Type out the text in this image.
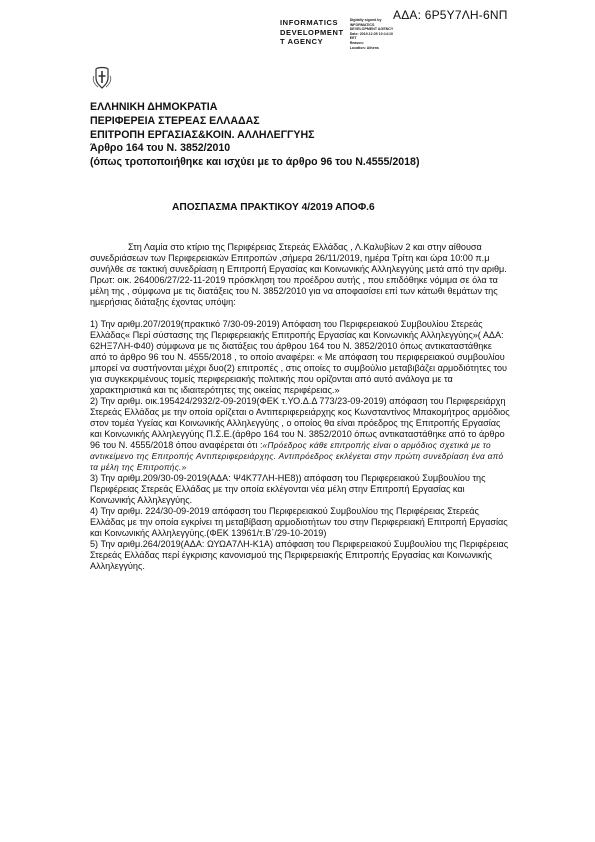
ΑΔΑ: 6Ρ5Υ7ΛΗ-6ΝΠ
INFORMATICS
DEVELOPMENT
T AGENCY
Digitally signed by
INFORMATICS
DEVELOPMENT AGENCY
Date: 2019.12.05 10:14:10
EET
Reason:
Location: Athens
ΕΛΛΗΝΙΚΗ ΔΗΜΟΚΡΑΤΙΑ
ΠΕΡΙΦΕΡΕΙΑ ΣΤΕΡΕΑΣ ΕΛΛΑΔΑΣ
ΕΠΙΤΡΟΠΗ ΕΡΓΑΣΙΑΣ&ΚΟΙΝ. ΑΛΛΗΛΕΓΓΥΗΣ
Άρθρο 164 του Ν. 3852/2010
(όπως τροποποιήθηκε και ισχύει με το άρθρο 96 του Ν.4555/2018)
ΑΠΟΣΠΑΣΜΑ ΠΡΑΚΤΙΚΟΥ 4/2019 ΑΠΟΦ.6

Στη Λαμία στο κτίριο της Περιφέρειας Στερεάς Ελλάδας , Λ.Καλυβίων 2 και στην αίθουσα συνεδριάσεων των Περιφερειακών Επιτροπών ,σήμερα 26/11/2019, ημέρα Τρίτη και ώρα 10:00 π.μ συνήλθε σε τακτική συνεδρίαση η Επιτροπή Εργασίας και Κοινωνικής Αλληλεγγύης μετά από την αριθμ. Πρωτ: οικ. 264006/27/22-11-2019 πρόσκληση του προέδρου αυτής , που επιδόθηκε νόμιμα σε όλα τα μέλη της , σύμφωνα με τις διατάξεις του Ν. 3852/2010 για να αποφασίσει επί των κάτωθι θεμάτων της ημερήσιας διάταξης έχοντας υπόψη:

1) Την αριθμ.207/2019(πρακτικό 7/30-09-2019) Απόφαση του Περιφερειακού Συμβουλίου Στερεάς Ελλάδας« Περί σύστασης της Περιφερειακής Επιτροπής Εργασίας και Κοινωνικής Αλληλεγγύης»( ΑΔΑ: 62ΗΞ7ΛΗ-Φ40) σύμφωνα με τις διατάξεις του άρθρου 164 του Ν. 3852/2010 όπως αντικαταστάθηκε από το άρθρο 96 του Ν. 4555/2018 , το οποίο αναφέρει: « Με απόφαση του περιφερειακού συμβουλίου μπορεί να συστήνονται μέχρι δυο(2) επιτροπές , στις οποίες το συμβούλιο μεταβιβάζει αρμοδιότητες του για συγκεκριμένους τομείς περιφερειακής πολιτικής που ορίζονται από αυτό ανάλογα με τα χαρακτηριστικά και τις ιδιαιτερότητες της οικείας περιφέρειας.»

2) Την αριθμ. οικ.195424/2932/2-09-2019(ΦΕΚ τ.ΥΟ.Δ.Δ 773/23-09-2019) απόφαση του Περιφερειάρχη Στερεάς Ελλάδας με την οποία ορίζεται ο Αντιπεριφερειάρχης κος Κωνσταντίνος Μπακομήτρος αρμόδιος στον τομέα Υγείας και Κοινωνικής Αλληλεγγύης , ο οποίος θα είναι πρόεδρος της Επιτροπής Εργασίας και Κοινωνικής Αλληλεγγύης Π.Σ.Ε.(άρθρο 164 του Ν. 3852/2010 όπως αντικαταστάθηκε από το άρθρο 96 του Ν. 4555/2018 όπου αναφέρεται ότι :«Πρόεδρος κάθε επιτροπής είναι ο αρμόδιος σχετικά με το αντικείμενο της Επιτροπής Αντιπεριφερειάρχης. Αντιπρόεδρος εκλέγεται στην πρώτη συνεδρίαση ένα από τα μέλη της Επιτροπής.»

3) Την αριθμ.209/30-09-2019(ΑΔΑ: Ψ4Κ77ΛΗ-ΗΕ8)) απόφαση του Περιφερειακού Συμβουλίου της Περιφέρειας Στερεάς Ελλάδας με την οποία εκλέγονται νέα μέλη στην Επιτροπή Εργασίας και Κοινωνικής Αλληλεγγύης.

4) Την αριθμ. 224/30-09-2019 απόφαση του Περιφερειακού Συμβουλίου της Περιφέρειας Στερεάς Ελλάδας με την οποία εγκρίνει τη μεταβίβαση αρμοδιοτήτων του στην Περιφερειακή Επιτροπή Εργασίας και Κοινωνικής Αλληλεγγύης.(ΦΕΚ 13961/τ.Β΄/29-10-2019)

5) Την αριθμ.264/2019(ΑΔΑ: ΩΥΩΑ7ΛΗ-Κ1Α) απόφαση του Περιφερειακού Συμβουλίου της Περιφέρειας Στερεάς Ελλάδας περί έγκρισης κανονισμού της Περιφερειακής Επιτροπής Εργασίας και Κοινωνικής Αλληλεγγύης.
